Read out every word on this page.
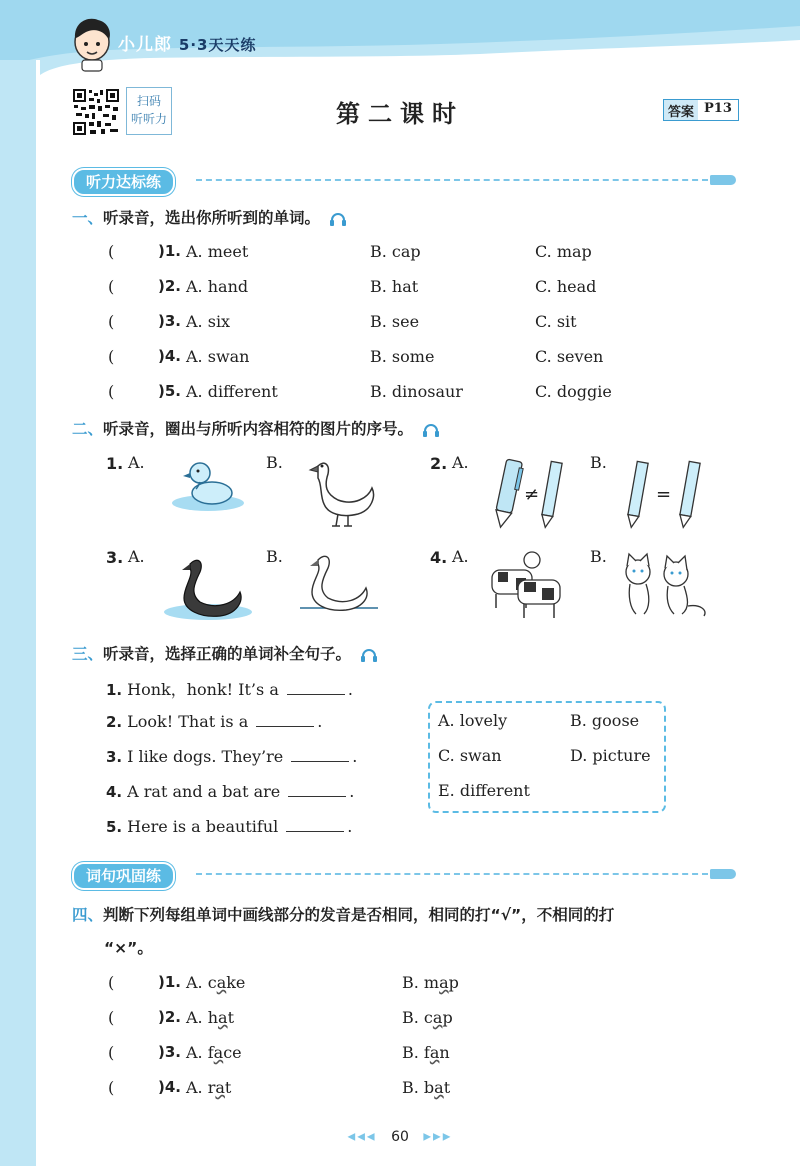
小儿郎 5·3天天练
扫码
听听力	第二课时	答案 P13
听力达标练
一、听录音，选出你所听到的单词。
(	)1. A. meet	B. cap	C. map
(	)2. A. hand	B. hat	C. head
(	)3. A. six	B. see	C. sit
(	)4. A. swan	B. some	C. seven
(	)5. A. different	B. dinosaur	C. doggie
二、听录音，圈出与所听内容相符的图片的序号。
1. A.	B.	2. A.	B.
3. A.	B.	4. A.	B.
≠	=
三、听录音，选择正确的单词补全句子。
1. Honk，honk! It’s a	.
2. Look! That is a	.
3. I like dogs. They’re	.
4. A rat and a bat are	.
5. Here is a beautiful	.
A. lovely	B. goose
C. swan	D. picture
E. different
词句巩固练
四、判断下列每组单词中画线部分的发音是否相同，相同的打“√”，不相同的打
“×”。
(	)1. A. cake	B. map
(	)2. A. hat	B. cap
(	)3. A. face	B. fan
(	)4. A. rat	B. bat
◀◀◀ 60 ▶▶▶
